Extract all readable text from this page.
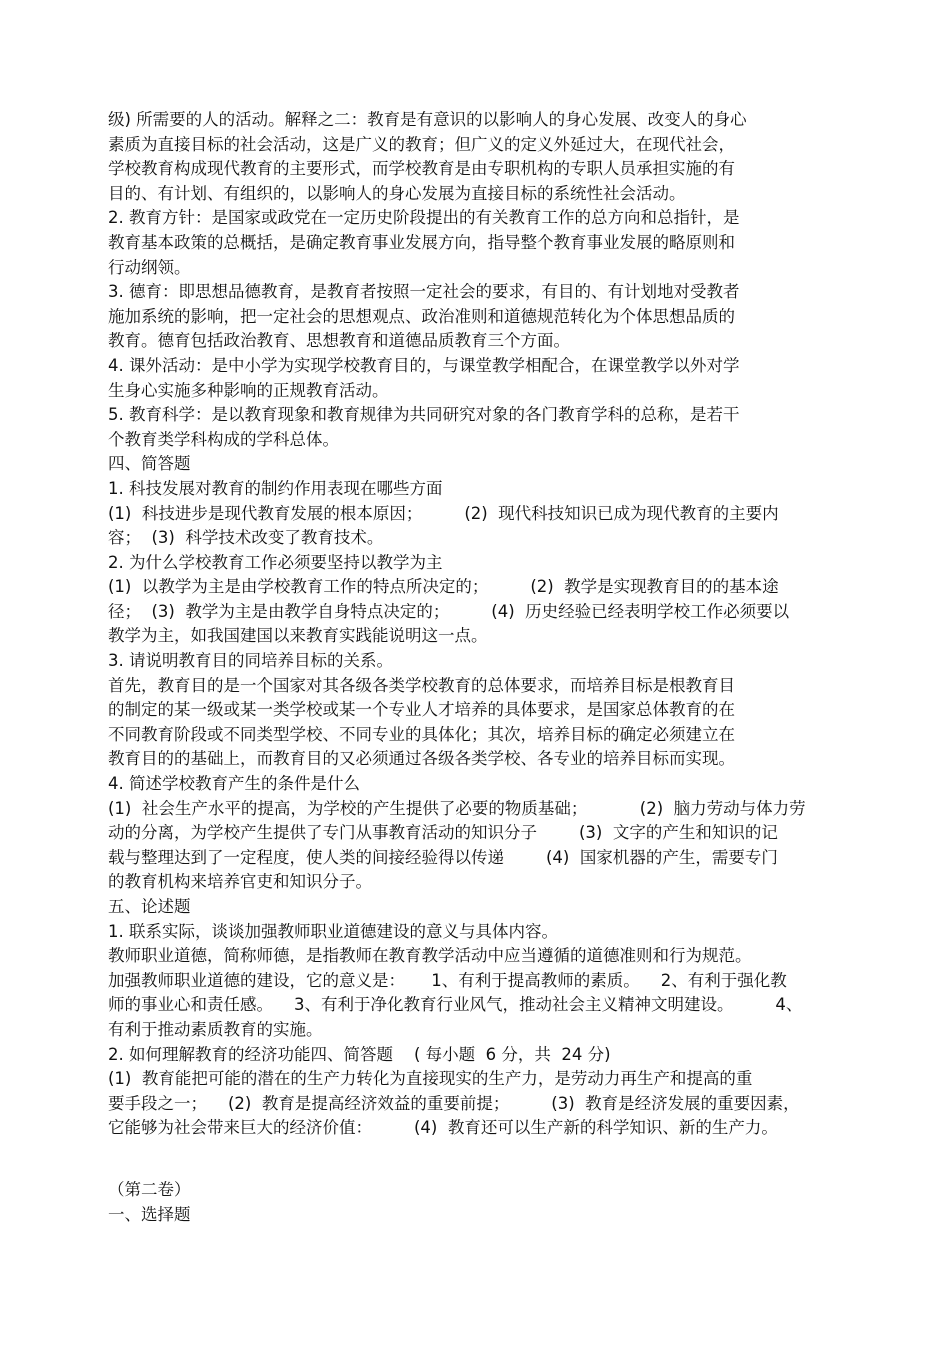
级) 所需要的人的活动。解释之二：教育是有意识的以影响人的身心发展、改变人的身心
素质为直接目标的社会活动，这是广义的教育；但广义的定义外延过大，在现代社会，
学校教育构成现代教育的主要形式，而学校教育是由专职机构的专职人员承担实施的有
目的、有计划、有组织的，以影响人的身心发展为直接目标的系统性社会活动。
2. 教育方针：是国家或政党在一定历史阶段提出的有关教育工作的总方向和总指针，是
教育基本政策的总概括，是确定教育事业发展方向，指导整个教育事业发展的略原则和
行动纲领。
3. 德育：即思想品德教育，是教育者按照一定社会的要求，有目的、有计划地对受教者
施加系统的影响，把一定社会的思想观点、政治准则和道德规范转化为个体思想品质的
教育。德育包括政治教育、思想教育和道德品质教育三个方面。
4. 课外活动：是中小学为实现学校教育目的，与课堂教学相配合，在课堂教学以外对学
生身心实施多种影响的正规教育活动。
5. 教育科学：是以教育现象和教育规律为共同研究对象的各门教育学科的总称，是若干
个教育类学科构成的学科总体。
四、简答题
1. 科技发展对教育的制约作用表现在哪些方面
(1)  科技进步是现代教育发展的根本原因；        (2)  现代科技知识已成为现代教育的主要内
容；  (3)  科学技术改变了教育技术。
2. 为什么学校教育工作必须要坚持以教学为主
(1)  以教学为主是由学校教育工作的特点所决定的；        (2)  教学是实现教育目的的基本途
径；  (3)  教学为主是由教学自身特点决定的；        (4)  历史经验已经表明学校工作必须要以
教学为主，如我国建国以来教育实践能说明这一点。
3. 请说明教育目的同培养目标的关系。
首先，教育目的是一个国家对其各级各类学校教育的总体要求，而培养目标是根教育目
的制定的某一级或某一类学校或某一个专业人才培养的具体要求，是国家总体教育的在
不同教育阶段或不同类型学校、不同专业的具体化；其次，培养目标的确定必须建立在
教育目的的基础上，而教育目的又必须通过各级各类学校、各专业的培养目标而实现。
4. 简述学校教育产生的条件是什么
(1)  社会生产水平的提高，为学校的产生提供了必要的物质基础；          (2)  脑力劳动与体力劳
动的分离，为学校产生提供了专门从事教育活动的知识分子        (3)  文字的产生和知识的记
载与整理达到了一定程度，使人类的间接经验得以传递        (4)  国家机器的产生，需要专门
的教育机构来培养官吏和知识分子。
五、论述题
1. 联系实际，谈谈加强教师职业道德建设的意义与具体内容。
教师职业道德，简称师德，是指教师在教育教学活动中应当遵循的道德准则和行为规范。
加强教师职业道德的建设，它的意义是：     1、有利于提高教师的素质。    2、有利于强化教
师的事业心和责任感。    3、有利于净化教育行业风气，推动社会主义精神文明建设。        4、
有利于推动素质教育的实施。
2. 如何理解教育的经济功能四、简答题    ( 每小题  6 分，共  24 分)
(1)  教育能把可能的潜在的生产力转化为直接现实的生产力，是劳动力再生产和提高的重
要手段之一；    (2)  教育是提高经济效益的重要前提；        (3)  教育是经济发展的重要因素，
它能够为社会带来巨大的经济价值：        (4)  教育还可以生产新的科学知识、新的生产力。
（第二卷）
一、选择题
